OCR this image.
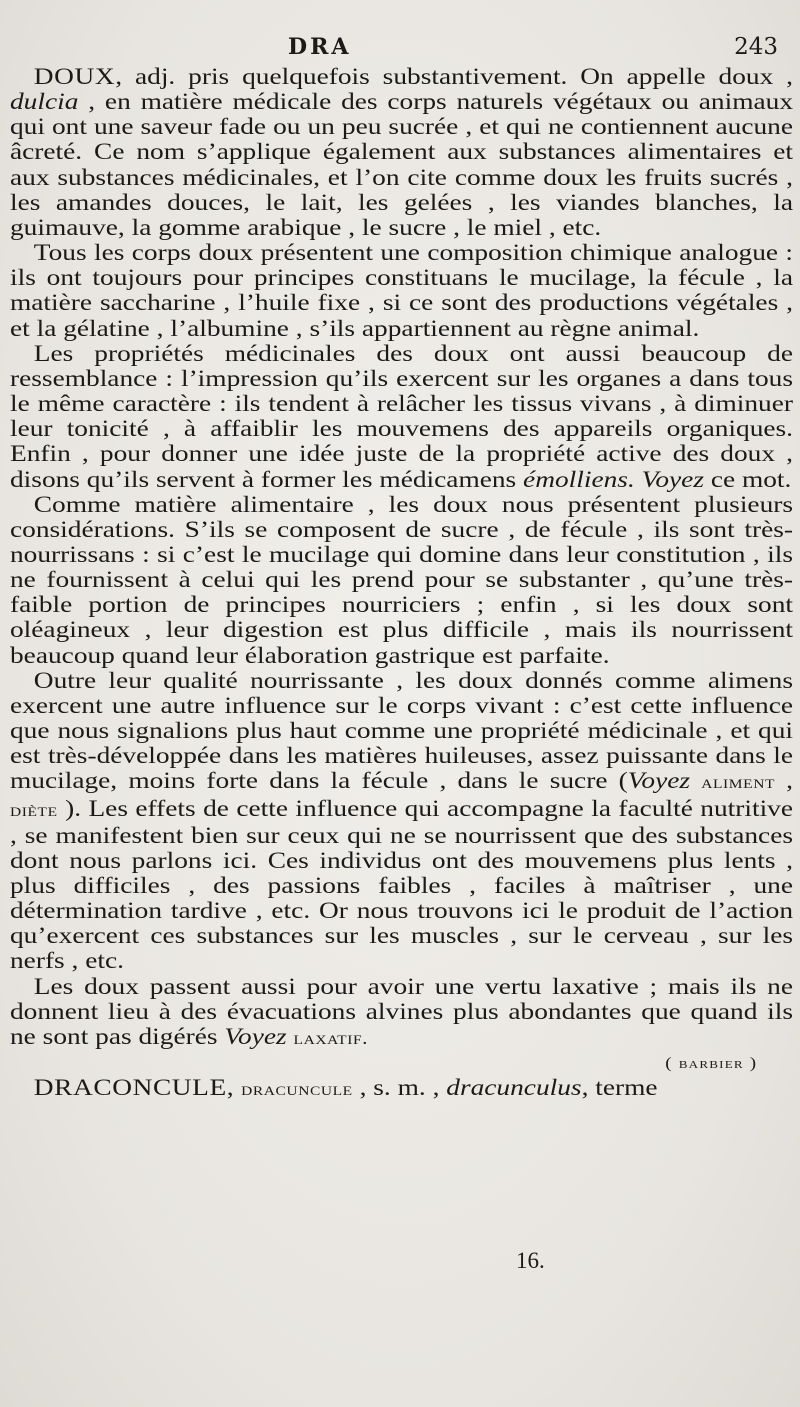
DRA	243

DOUX, adj. pris quelquefois substantivement. On appelle doux , dulcia , en matière médicale des corps naturels végétaux ou animaux qui ont une saveur fade ou un peu sucrée , et qui ne contiennent aucune âcreté. Ce nom s’applique également aux substances alimentaires et aux substances médicinales, et l’on cite comme doux les fruits sucrés , les amandes douces, le lait, les gelées , les viandes blanches, la guimauve, la gomme arabique , le sucre , le miel , etc.

Tous les corps doux présentent une composition chimique analogue : ils ont toujours pour principes constituans le mucilage, la fécule , la matière saccharine , l’huile fixe , si ce sont des productions végétales , et la gélatine , l’albumine , s’ils appartiennent au règne animal.

Les propriétés médicinales des doux ont aussi beaucoup de ressemblance : l’impression qu’ils exercent sur les organes a dans tous le même caractère : ils tendent à relâcher les tissus vivans , à diminuer leur tonicité , à affaiblir les mouvemens des appareils organiques. Enfin , pour donner une idée juste de la propriété active des doux , disons qu’ils servent à former les médicamens émolliens. Voyez ce mot.

Comme matière alimentaire , les doux nous présentent plusieurs considérations. S’ils se composent de sucre , de fécule , ils sont très-nourrissans : si c’est le mucilage qui domine dans leur constitution , ils ne fournissent à celui qui les prend pour se substanter , qu’une très-faible portion de principes nourriciers ; enfin , si les doux sont oléagineux , leur digestion est plus difficile , mais ils nourrissent beaucoup quand leur élaboration gastrique est parfaite.

Outre leur qualité nourrissante , les doux donnés comme alimens exercent une autre influence sur le corps vivant : c’est cette influence que nous signalions plus haut comme une propriété médicinale , et qui est très-développée dans les matières huileuses, assez puissante dans le mucilage, moins forte dans la fécule , dans le sucre (Voyez aliment , diète ). Les effets de cette influence qui accompagne la faculté nutritive , se manifestent bien sur ceux qui ne se nourrissent que des substances dont nous parlons ici. Ces individus ont des mouvemens plus lents , plus difficiles , des passions faibles , faciles à maîtriser , une détermination tardive , etc. Or nous trouvons ici le produit de l’action qu’exercent ces substances sur les muscles , sur le cerveau , sur les nerfs , etc.

Les doux passent aussi pour avoir une vertu laxative ; mais ils ne donnent lieu à des évacuations alvines plus abondantes que quand ils ne sont pas digérés Voyez laxatif.

( barbier )

DRACONCULE, dracuncule , s. m. , dracunculus, terme

16.
